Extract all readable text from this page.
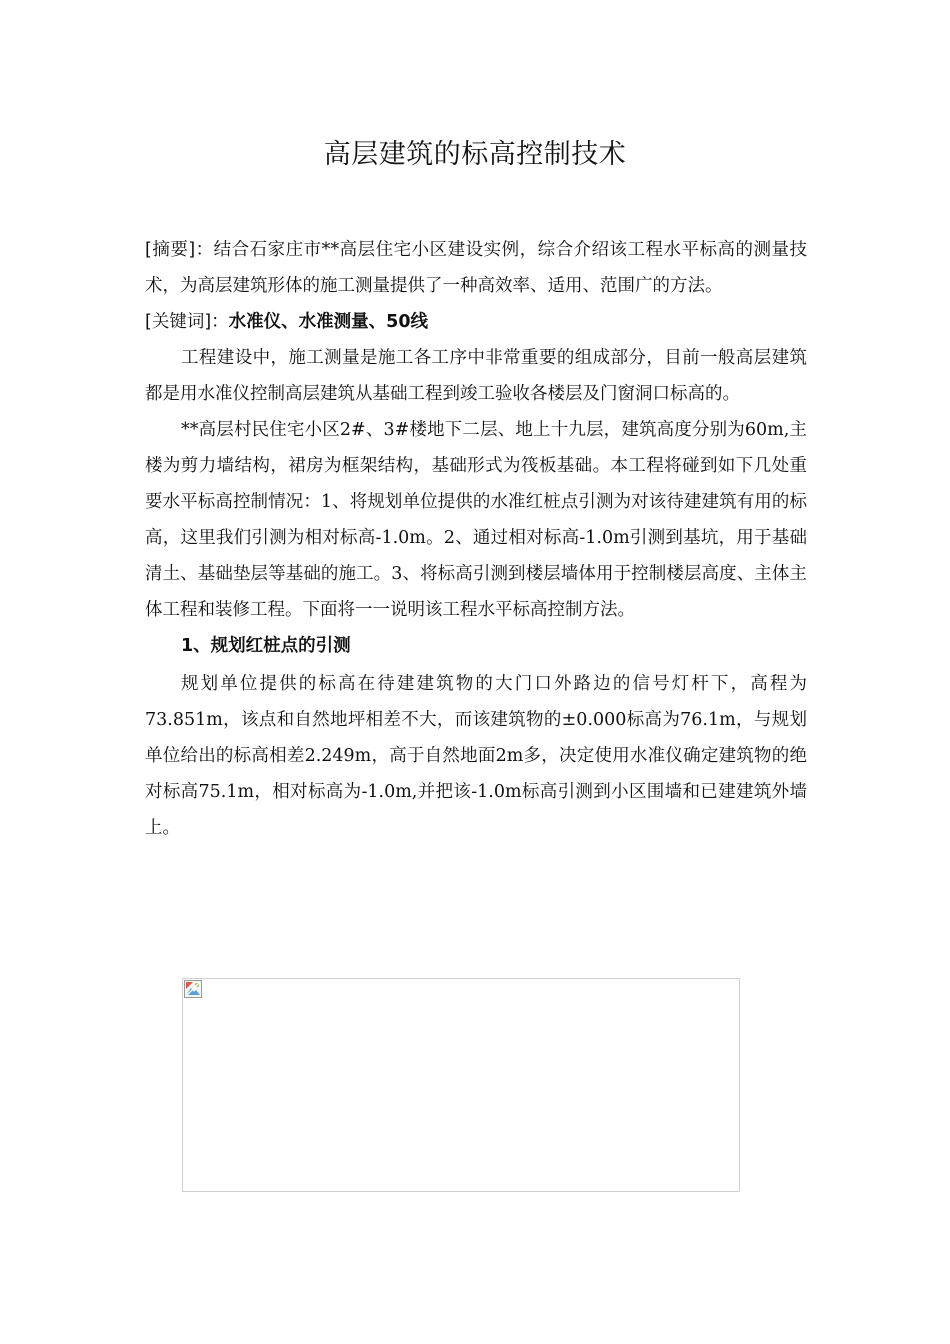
高层建筑的标高控制技术

[摘要]：结合石家庄市**高层住宅小区建设实例，综合介绍该工程水平标高的测量技术，为高层建筑形体的施工测量提供了一种高效率、适用、范围广的方法。

[关键词]：水准仪、水准测量、50线

工程建设中，施工测量是施工各工序中非常重要的组成部分，目前一般高层建筑都是用水准仪控制高层建筑从基础工程到竣工验收各楼层及门窗洞口标高的。

**高层村民住宅小区2#、3#楼地下二层、地上十九层，建筑高度分别为60m,主楼为剪力墙结构，裙房为框架结构，基础形式为筏板基础。本工程将碰到如下几处重要水平标高控制情况：1、将规划单位提供的水准红桩点引测为对该待建建筑有用的标高，这里我们引测为相对标高-1.0m。2、通过相对标高-1.0m引测到基坑，用于基础清土、基础垫层等基础的施工。3、将标高引测到楼层墙体用于控制楼层高度、主体主体工程和装修工程。下面将一一说明该工程水平标高控制方法。

1、规划红桩点的引测

规划单位提供的标高在待建建筑物的大门口外路边的信号灯杆下，高程为73.851m，该点和自然地坪相差不大，而该建筑物的±0.000标高为76.1m，与规划单位给出的标高相差2.249m，高于自然地面2m多，决定使用水准仪确定建筑物的绝对标高75.1m，相对标高为-1.0m,并把该-1.0m标高引测到小区围墙和已建建筑外墙上。
